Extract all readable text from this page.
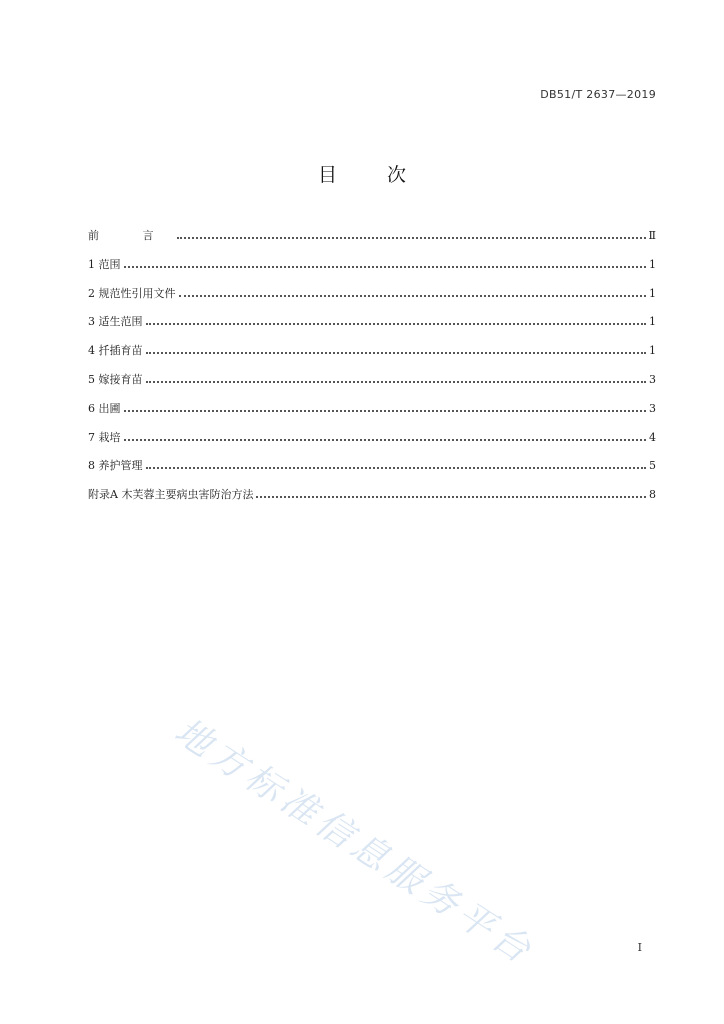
DB51/T 2637—2019
目 次
前 言	Ⅱ
1 范围	1
2 规范性引用文件	1
3 适生范围	1
4 扦插育苗	1
5 嫁接育苗	3
6 出圃	3
7 栽培	4
8 养护管理	5
附录A 木芙蓉主要病虫害防治方法	8
地方标准信息服务平台	I
